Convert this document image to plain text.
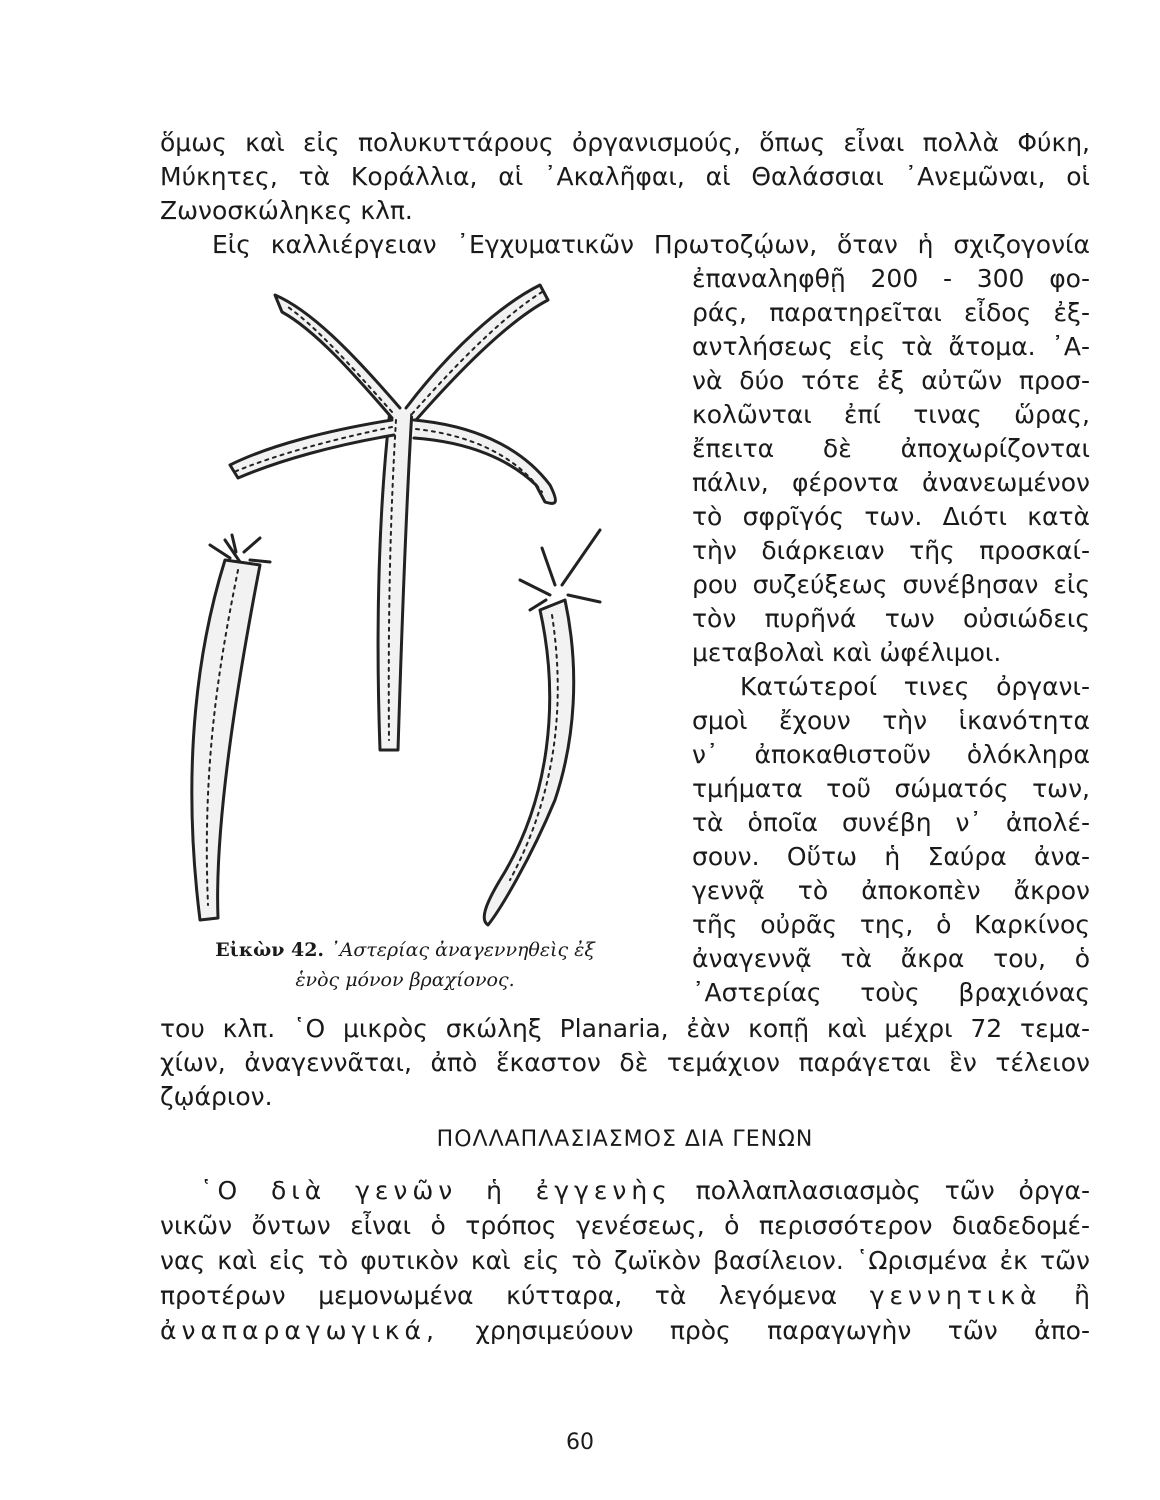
ὅμως καὶ εἰς πολυκυττάρους ὀργανισμούς, ὅπως εἶναι πολλὰ Φύκη,
Μύκητες, τὰ Κοράλλια, αἱ ᾽Ακαλῆφαι, αἱ Θαλάσσιαι ᾽Ανεμῶναι, οἱ
Ζωνοσκώληκες κλπ.
Εἰς καλλιέργειαν ᾽Εγχυματικῶν Πρωτοζῴων, ὅταν ἡ σχιζογονία
ἐπαναληφθῇ 200 - 300 φο-
ράς, παρατηρεῖται εἶδος ἐξ-
αντλήσεως εἰς τὰ ἄτομα. ᾽Α-
νὰ δύο τότε ἐξ αὐτῶν προσ-
κολῶνται ἐπί τινας ὥρας,
ἔπειτα δὲ ἀποχωρίζονται
πάλιν, φέροντα ἀνανεωμένον
τὸ σφρῖγός των. Διότι κατὰ
τὴν διάρκειαν τῆς προσκαί-
ρου συζεύξεως συνέβησαν εἰς
τὸν πυρῆνά των οὐσιώδεις
μεταβολαὶ καὶ ὠφέλιμοι.
Κατώτεροί τινες ὀργανι-
σμοὶ ἔχουν τὴν ἱκανότητα
ν᾽ ἀποκαθιστοῦν ὁλόκληρα
τμήματα τοῦ σώματός των,
τὰ ὁποῖα συνέβη ν᾽ ἀπολέ-
σουν. Οὕτω ἡ Σαύρα ἀνα-
γεννᾷ τὸ ἀποκοπὲν ἄκρον
τῆς οὐρᾶς της, ὁ Καρκίνος
ἀναγεννᾷ τὰ ἄκρα του, ὁ
᾽Αστερίας τοὺς βραχιόνας
του κλπ. ῾Ο μικρὸς σκώληξ Planaria, ἐὰν κοπῇ καὶ μέχρι 72 τεμα-
χίων, ἀναγεννᾶται, ἀπὸ ἕκαστον δὲ τεμάχιον παράγεται ἓν τέλειον
ζῳάριον.
Εἰκὼν 42. ᾽Αστερίας ἀναγεννηθεὶς ἐξ
ἑνὸς μόνον βραχίονος.
ΠΟΛΛΑΠΛΑΣΙΑΣΜΟΣ ΔΙΑ ΓΕΝΩΝ
῾Ο διὰ γενῶν ἡ ἐγγενὴς πολλαπλασιασμὸς τῶν ὀργα-
νικῶν ὄντων εἶναι ὁ τρόπος γενέσεως, ὁ περισσότερον διαδεδομέ-
νας καὶ εἰς τὸ φυτικὸν καὶ εἰς τὸ ζωϊκὸν βασίλειον. ῾Ωρισμένα ἐκ τῶν
προτέρων μεμονωμένα κύτταρα, τὰ λεγόμενα γεννητικὰ ἢ
ἀναπαραγωγικά, χρησιμεύουν πρὸς παραγωγὴν τῶν ἀπο-
60
